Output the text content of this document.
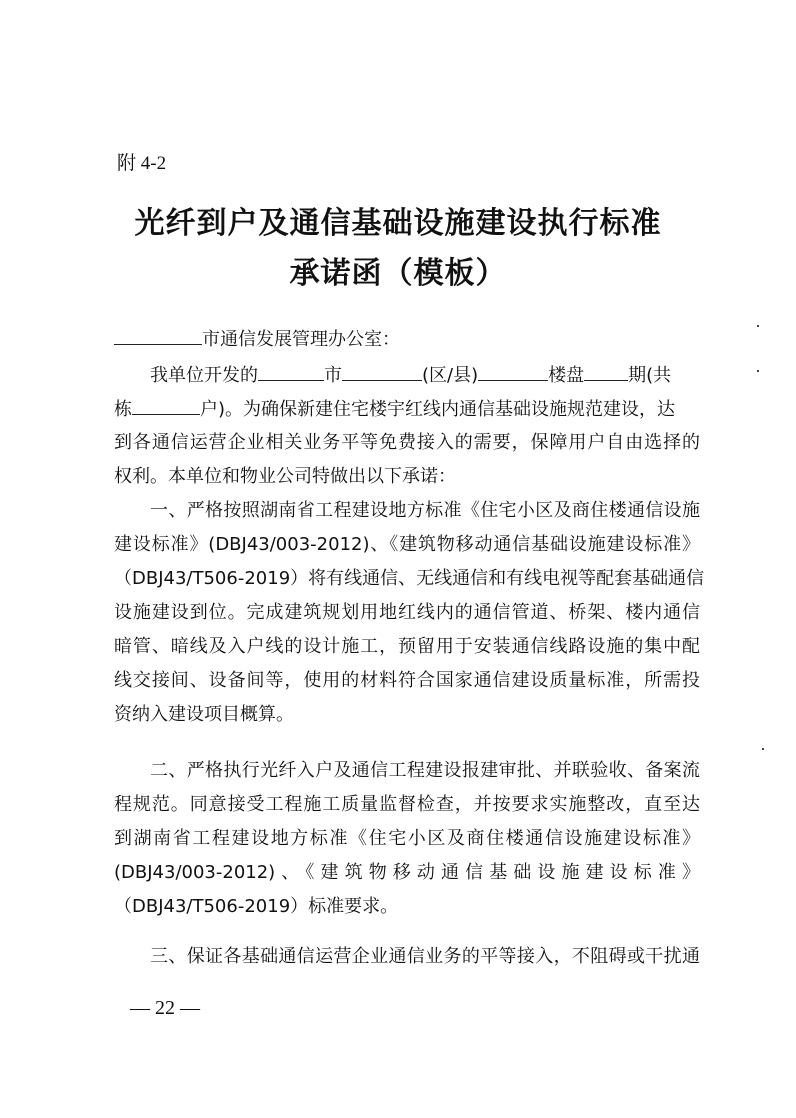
附 4-2
光纤到户及通信基础设施建设执行标准
承诺函（模板）
市通信发展管理办公室：
我单位开发的	市	(区/县)	楼盘 期(共
栋	户)。为确保新建住宅楼宇红线内通信基础设施规范建设，达
到各通信运营企业相关业务平等免费接入的需要，保障用户自由选择的
权利。本单位和物业公司特做出以下承诺：
一、严格按照湖南省工程建设地方标准《住宅小区及商住楼通信设施
建设标准》(DBJ43/003-2012)、《建筑物移动通信基础设施建设标准》
（DBJ43/T506-2019）将有线通信、无线通信和有线电视等配套基础通信
设施建设到位。完成建筑规划用地红线内的通信管道、桥架、楼内通信
暗管、暗线及入户线的设计施工，预留用于安装通信线路设施的集中配
线交接间、设备间等，使用的材料符合国家通信建设质量标准，所需投
资纳入建设项目概算。
二、严格执行光纤入户及通信工程建设报建审批、并联验收、备案流
程规范。同意接受工程施工质量监督检查，并按要求实施整改，直至达
到湖南省工程建设地方标准《住宅小区及商住楼通信设施建设标准》
(DBJ43/003-2012)、《建筑物移动通信基础设施建设标准》
（DBJ43/T506-2019）标准要求。
三、保证各基础通信运营企业通信业务的平等接入，不阻碍或干扰通
— 22 —
